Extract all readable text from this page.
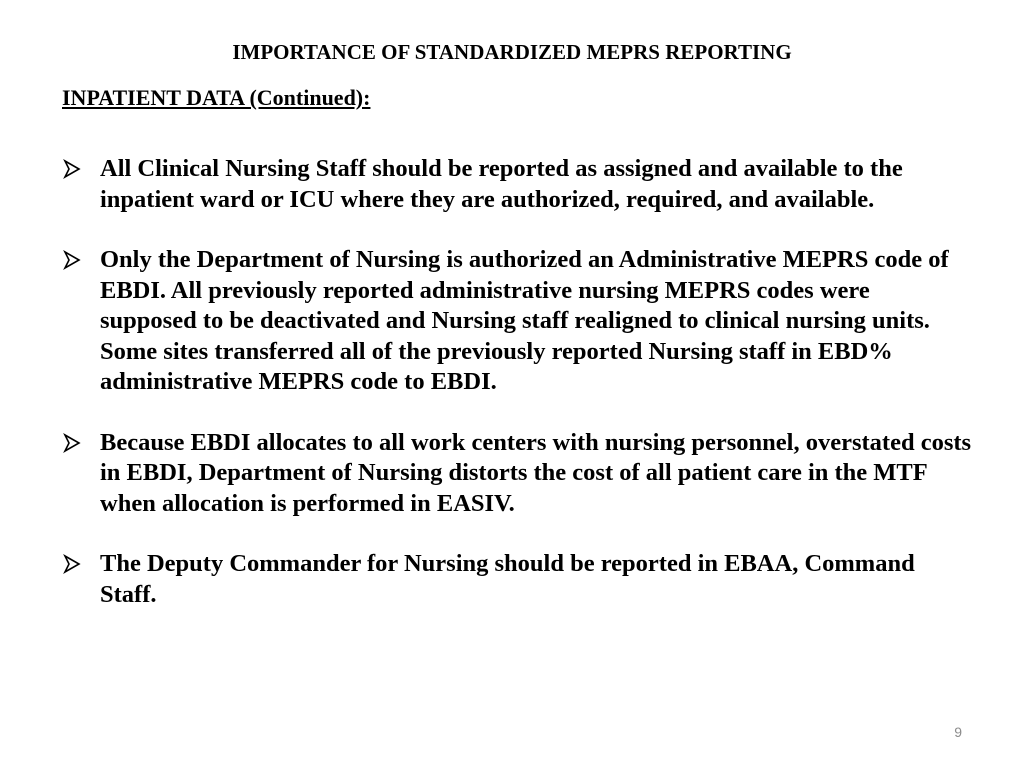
IMPORTANCE OF STANDARDIZED MEPRS REPORTING
INPATIENT DATA (Continued):
All Clinical Nursing Staff should be reported as assigned and available to the inpatient ward or ICU where they are authorized, required, and available.
Only the Department of Nursing is authorized an Administrative MEPRS code of EBDI. All previously reported administrative nursing MEPRS codes were supposed to be deactivated and Nursing staff realigned to clinical nursing units. Some sites transferred all of the previously reported Nursing staff in EBD% administrative MEPRS code to EBDI.
Because EBDI allocates to all work centers with nursing personnel, overstated costs in EBDI, Department of Nursing distorts the cost of all patient care in the MTF when allocation is performed in EASIV.
The Deputy Commander for Nursing should be reported in EBAA, Command Staff.
9
